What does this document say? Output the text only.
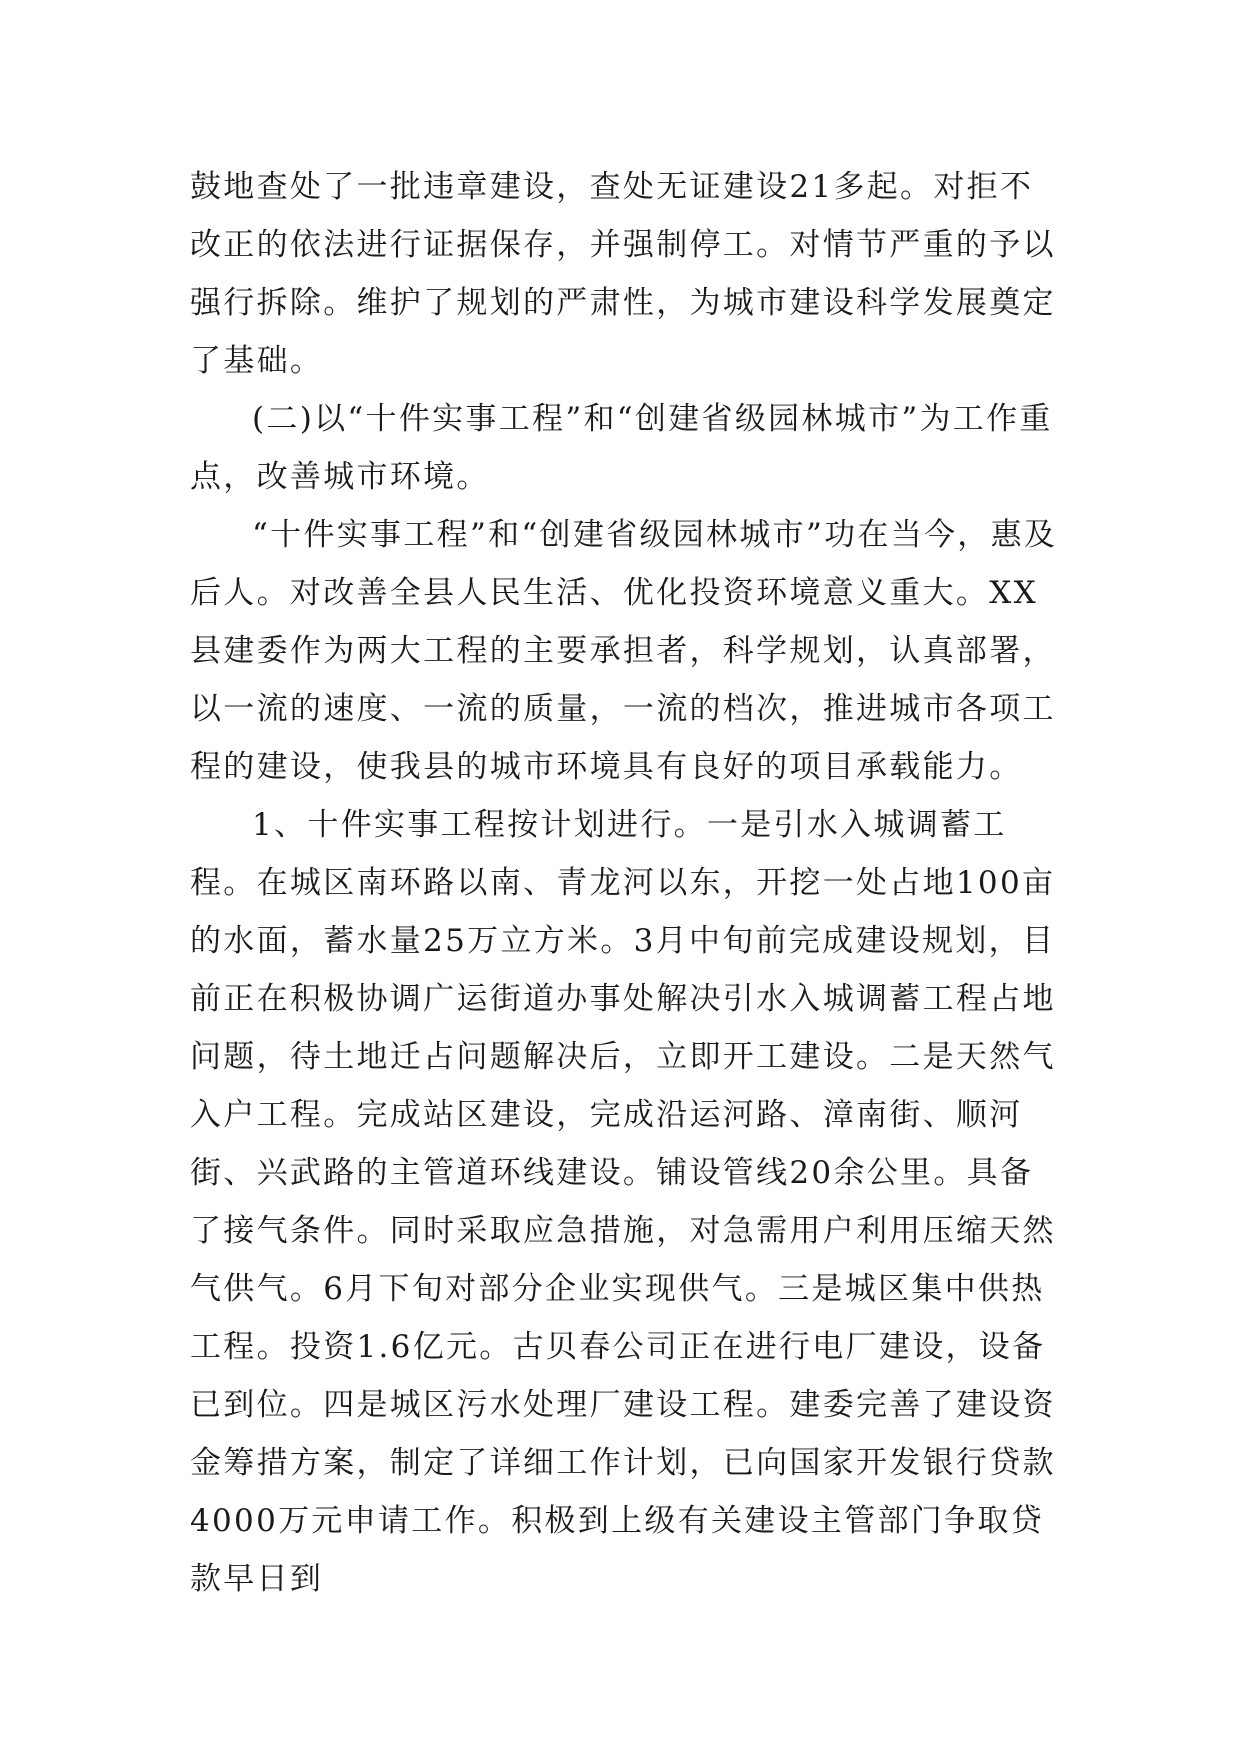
鼓地查处了一批违章建设，查处无证建设21多起。对拒不改正的依法进行证据保存，并强制停工。对情节严重的予以强行拆除。维护了规划的严肃性，为城市建设科学发展奠定了基础。

(二)以“十件实事工程”和“创建省级园林城市”为工作重点，改善城市环境。

“十件实事工程”和“创建省级园林城市”功在当今，惠及后人。对改善全县人民生活、优化投资环境意义重大。XX县建委作为两大工程的主要承担者，科学规划，认真部署，以一流的速度、一流的质量，一流的档次，推进城市各项工程的建设，使我县的城市环境具有良好的项目承载能力。

1、十件实事工程按计划进行。一是引水入城调蓄工程。在城区南环路以南、青龙河以东，开挖一处占地100亩的水面，蓄水量25万立方米。3月中旬前完成建设规划，目前正在积极协调广运街道办事处解决引水入城调蓄工程占地问题，待土地迁占问题解决后，立即开工建设。二是天然气入户工程。完成站区建设，完成沿运河路、漳南街、顺河街、兴武路的主管道环线建设。铺设管线20余公里。具备了接气条件。同时采取应急措施，对急需用户利用压缩天然气供气。6月下旬对部分企业实现供气。三是城区集中供热工程。投资1.6亿元。古贝春公司正在进行电厂建设，设备已到位。四是城区污水处理厂建设工程。建委完善了建设资金筹措方案，制定了详细工作计划，已向国家开发银行贷款4000万元申请工作。积极到上级有关建设主管部门争取贷款早日到
